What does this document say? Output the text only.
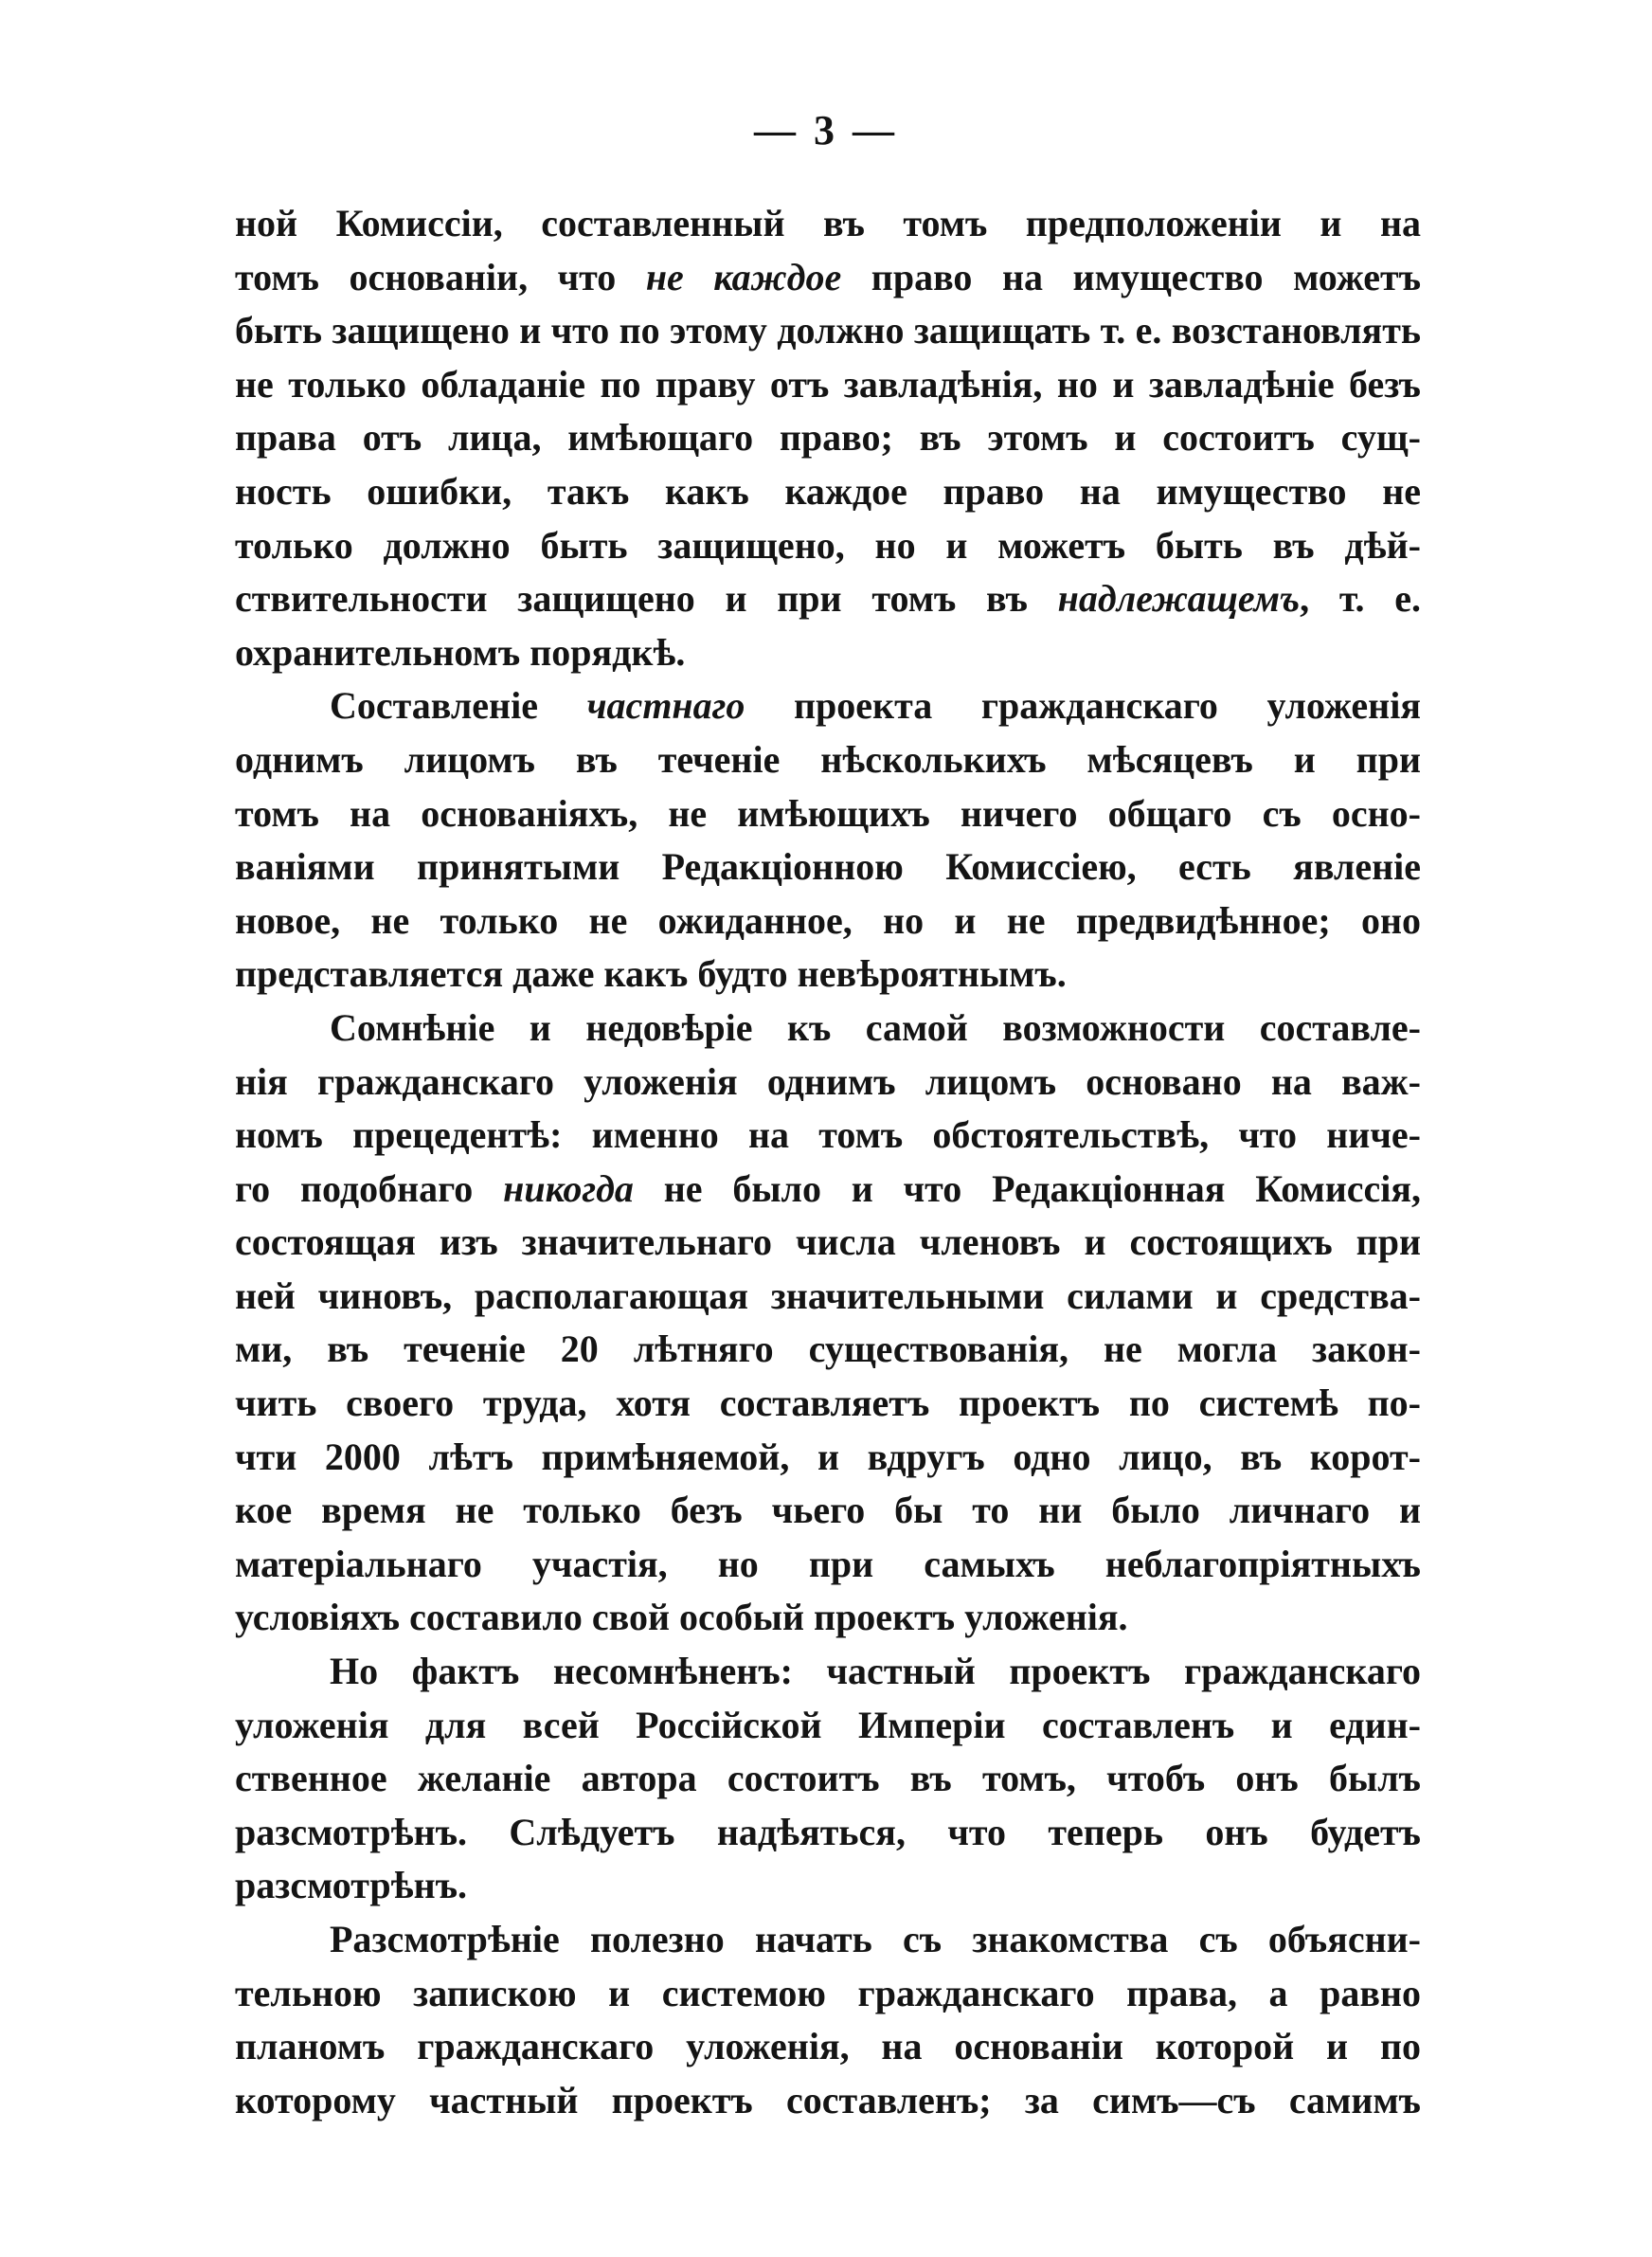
— 3 —
ной Комиссіи, составленный въ томъ предположеніи и на
томъ основаніи, что не каждое право на имущество можетъ
быть защищено и что по этому должно защищать т. е. возстановлять
не только обладаніе по праву отъ завладѣнія, но и завладѣніе безъ
права отъ лица, имѣющаго право; въ этомъ и состоитъ сущ-
ность ошибки, такъ какъ каждое право на имущество не
только должно быть защищено, но и можетъ быть въ дѣй-
ствительности защищено и при томъ въ надлежащемъ, т. е.
охранительномъ порядкѣ.
Составленіе частнаго проекта гражданскаго уложенія
однимъ лицомъ въ теченіе нѣсколькихъ мѣсяцевъ и при
томъ на основаніяхъ, не имѣющихъ ничего общаго съ осно-
ваніями принятыми Редакціонною Комиссіею, есть явленіе
новое, не только не ожиданное, но и не предвидѣнное; оно
представляется даже какъ будто невѣроятнымъ.
Сомнѣніе и недовѣріе къ самой возможности составле-
нія гражданскаго уложенія однимъ лицомъ основано на важ-
номъ прецедентѣ: именно на томъ обстоятельствѣ, что ниче-
го подобнаго никогда не было и что Редакціонная Комиссія,
состоящая изъ значительнаго числа членовъ и состоящихъ при
ней чиновъ, располагающая значительными силами и средства-
ми, въ теченіе 20 лѣтняго существованія, не могла закон-
чить своего труда, хотя составляетъ проектъ по системѣ по-
чти 2000 лѣтъ примѣняемой, и вдругъ одно лицо, въ корот-
кое время не только безъ чьего бы то ни было личнаго и
матеріальнаго участія, но при самыхъ неблагопріятныхъ
условіяхъ составило свой особый проектъ уложенія.
Но фактъ несомнѣненъ: частный проектъ гражданскаго
уложенія для всей Россійской Имперіи составленъ и един-
ственное желаніе автора состоитъ въ томъ, чтобъ онъ былъ
разсмотрѣнъ. Слѣдуетъ надѣяться, что теперь онъ будетъ
разсмотрѣнъ.
Разсмотрѣніе полезно начать съ знакомства съ объясни-
тельною запискою и системою гражданскаго права, а равно
планомъ гражданскаго уложенія, на основаніи которой и по
которому частный проектъ составленъ; за симъ—съ самимъ
